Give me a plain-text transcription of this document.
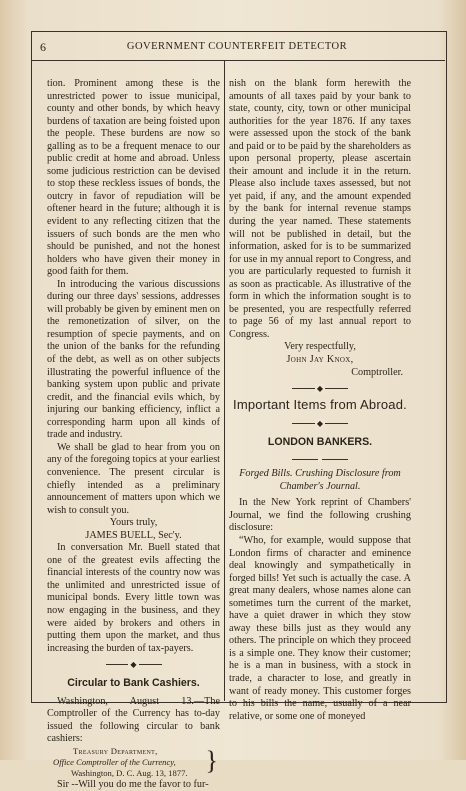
6	GOVERNMENT COUNTERFEIT DETECTOR

tion. Prominent among these is the unrestricted power to issue municipal, county and other bonds, by which heavy burdens of taxation are being foisted upon the people. These burdens are now so galling as to be a frequent menace to our public credit at home and abroad. Unless some judicious restriction can be devised to stop these reckless issues of bonds, the outcry in favor of repudiation will be oftener heard in the future; although it is evident to any reflecting citizen that the issuers of such bonds are the men who should be punished, and not the honest holders who have given their money in good faith for them.

In introducing the various discussions during our three days' sessions, addresses will probably be given by eminent men on the remonetization of silver, on the resumption of specie payments, and on the union of the banks for the refunding of the debt, as well as on other subjects illustrating the powerful influence of the banking system upon public and private credit, and the financial evils which, by injuring our banking efficiency, inflict a corresponding harm upon all kinds of trade and industry.

We shall be glad to hear from you on any of the foregoing topics at your earliest convenience. The present circular is chiefly intended as a preliminary announcement of matters upon which we wish to consult you.

Yours truly,

JAMES BUELL, Sec'y.

In conversation Mr. Buell stated that one of the greatest evils affecting the financial interests of the country now was the unlimited and unrestricted issue of municipal bonds. Every little town was now engaging in the business, and they were aided by brokers and others in putting them upon the market, and thus increasing the burden of tax-payers.

◆
Circular to Bank Cashiers.

Washington, August 13.—The Comptroller of the Currency has to-day issued the following circular to bank cashiers:

Treasury Department,
Office Comptroller of the Currency,
Washington, D. C. Aug. 13, 1877. }

Sir --Will you do me the favor to fur-

nish on the blank form herewith the amounts of all taxes paid by your bank to state, county, city, town or other municipal authorities for the year 1876. If any taxes were assessed upon the stock of the bank and paid or to be paid by the shareholders as upon personal property, please ascertain their amount and include it in the return. Please also include taxes assessed, but not yet paid, if any, and the amount expended by the bank for internal revenue stamps during the year named. These statements will not be published in detail, but the information, asked for is to be summarized for use in my annual report to Congress, and you are particularly requested to furnish it as soon as practicable. As illustrative of the form in which the information sought is to be presented, you are respectfully referred to page 56 of my last annual report to Congress.

Very respectfully,

John Jay Knox,

Comptroller.

◆
Important Items from Abroad.
◆
LONDON BANKERS.

Forged Bills. Crushing Disclosure from Chamber's Journal.

In the New York reprint of Chambers' Journal, we find the following crushing disclosure:

“Who, for example, would suppose that London firms of character and eminence deal knowingly and sympathetically in forged bills! Yet such is actually the case. A great many dealers, whose names alone can sometimes turn the current of the market, have a quiet drawer in which they stow away these bills just as they would any others. The principle on which they proceed is a simple one. They know their customer; he is a man in business, with a stock in trade, a character to lose, and greatly in want of ready money. This customer forges to his bills the name, usually of a near relative, or some one of moneyed
